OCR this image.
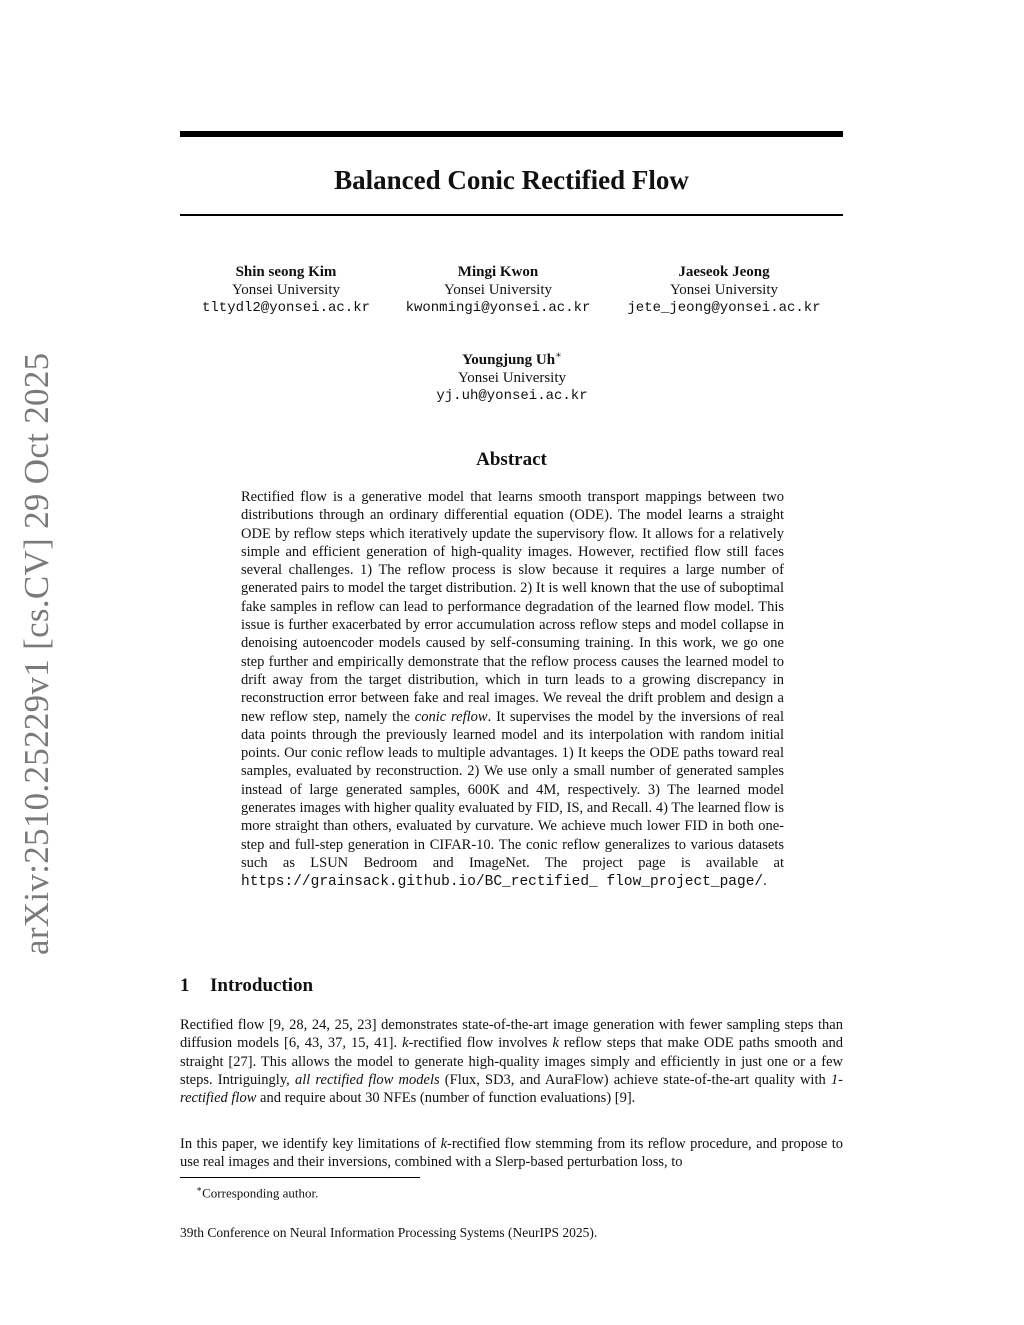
arXiv:2510.25229v1 [cs.CV] 29 Oct 2025
Balanced Conic Rectified Flow
Shin seong Kim
Yonsei University
tltydl2@yonsei.ac.kr
Mingi Kwon
Yonsei University
kwonmingi@yonsei.ac.kr
Jaeseok Jeong
Yonsei University
jete_jeong@yonsei.ac.kr
Youngjung Uh∗
Yonsei University
yj.uh@yonsei.ac.kr
Abstract

Rectified flow is a generative model that learns smooth transport mappings between two distributions through an ordinary differential equation (ODE). The model learns a straight ODE by reflow steps which iteratively update the supervisory flow. It allows for a relatively simple and efficient generation of high-quality images. However, rectified flow still faces several challenges. 1) The reflow process is slow because it requires a large number of generated pairs to model the target distribution. 2) It is well known that the use of suboptimal fake samples in reflow can lead to performance degradation of the learned flow model. This issue is further exacerbated by error accumulation across reflow steps and model collapse in denoising autoencoder models caused by self-consuming training. In this work, we go one step further and empirically demonstrate that the reflow process causes the learned model to drift away from the target distribution, which in turn leads to a growing discrepancy in reconstruction error between fake and real images. We reveal the drift problem and design a new reflow step, namely the conic reflow. It supervises the model by the inversions of real data points through the previously learned model and its interpolation with random initial points. Our conic reflow leads to multiple advantages. 1) It keeps the ODE paths toward real samples, evaluated by reconstruction. 2) We use only a small number of generated samples instead of large generated samples, 600K and 4M, respectively. 3) The learned model generates images with higher quality evaluated by FID, IS, and Recall. 4) The learned flow is more straight than others, evaluated by curvature. We achieve much lower FID in both one-step and full-step generation in CIFAR-10. The conic reflow generalizes to various datasets such as LSUN Bedroom and ImageNet. The project page is available at https://grainsack.github.io/BC_rectified_ flow_project_page/.

1 Introduction

Rectified flow [9, 28, 24, 25, 23] demonstrates state-of-the-art image generation with fewer sampling steps than diffusion models [6, 43, 37, 15, 41]. k-rectified flow involves k reflow steps that make ODE paths smooth and straight [27]. This allows the model to generate high-quality images simply and efficiently in just one or a few steps. Intriguingly, all rectified flow models (Flux, SD3, and AuraFlow) achieve state-of-the-art quality with 1-rectified flow and require about 30 NFEs (number of function evaluations) [9].

In this paper, we identify key limitations of k-rectified flow stemming from its reflow procedure, and propose to use real images and their inversions, combined with a Slerp-based perturbation loss, to

∗Corresponding author.
39th Conference on Neural Information Processing Systems (NeurIPS 2025).
